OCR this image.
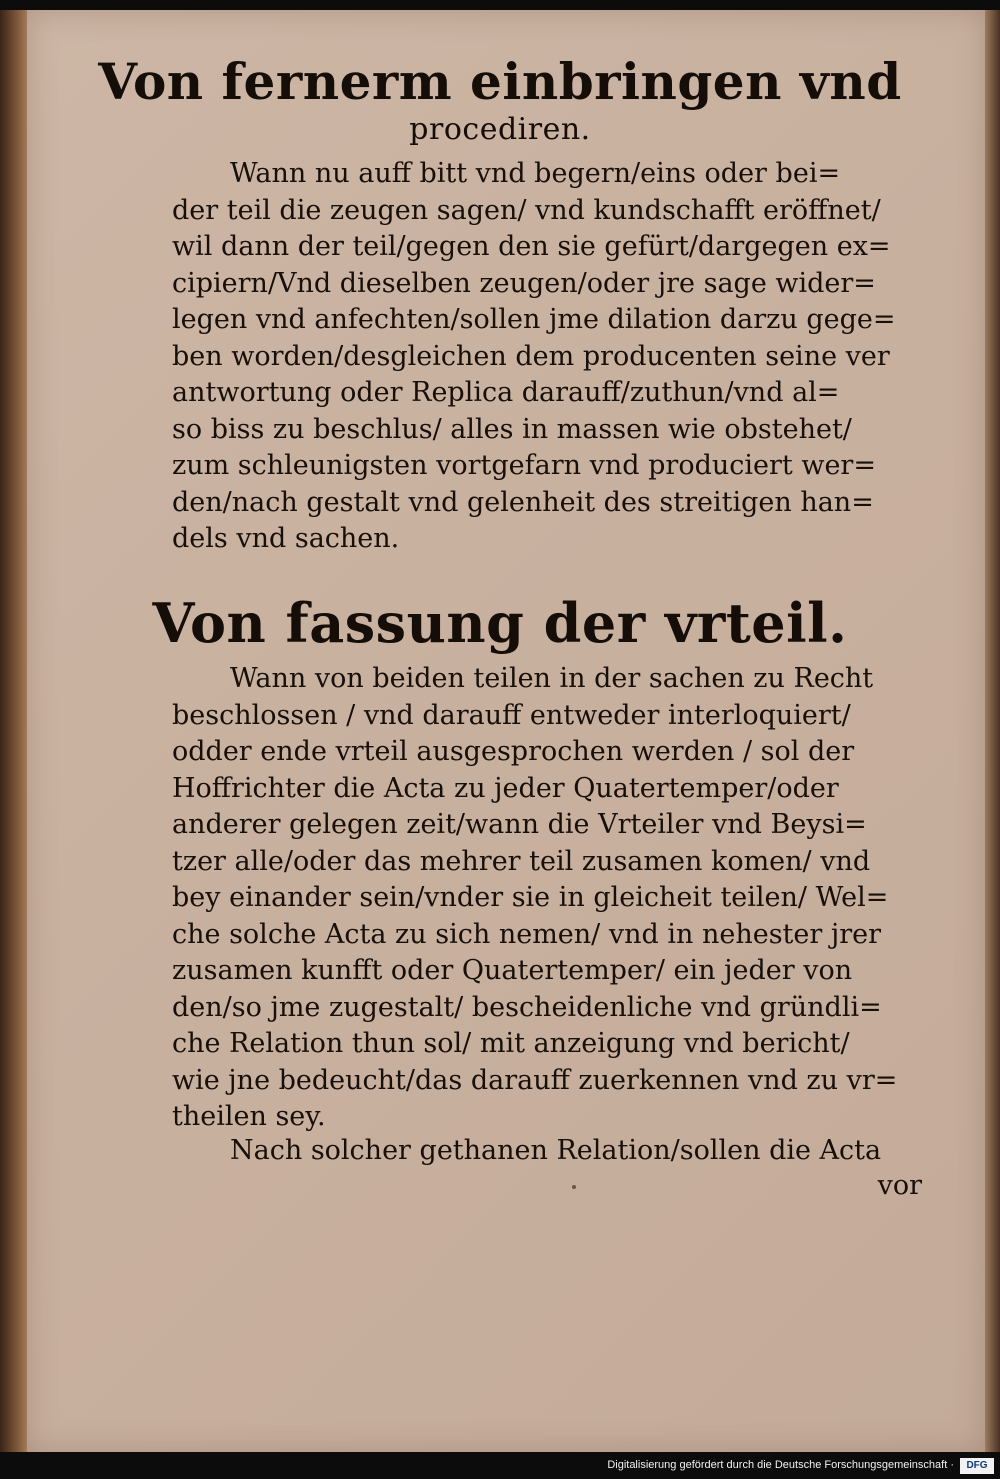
Von fernerm einbringen vnd
procediren.
Wann nu auff bitt vnd begern/eins oder bei=
der teil die zeugen sagen/ vnd kundschafft eröffnet/
wil dann der teil/gegen den sie gefürt/dargegen ex=
cipiern/Vnd dieselben zeugen/oder jre sage wider=
legen vnd anfechten/sollen jme dilation darzu gege=
ben worden/desgleichen dem producenten seine ver
antwortung oder Replica darauff/zuthun/vnd al=
so biss zu beschlus/ alles in massen wie obstehet/
zum schleunigsten vortgefarn vnd produciert wer=
den/nach gestalt vnd gelenheit des streitigen han=
dels vnd sachen.
Von fassung der vrteil.
Wann von beiden teilen in der sachen zu Recht
beschlossen / vnd darauff entweder interloquiert/
odder ende vrteil ausgesprochen werden / sol der
Hoffrichter die Acta zu jeder Quatertemper/oder
anderer gelegen zeit/wann die Vrteiler vnd Beysi=
tzer alle/oder das mehrer teil zusamen komen/ vnd
bey einander sein/vnder sie in gleicheit teilen/ Wel=
che solche Acta zu sich nemen/ vnd in nehester jrer
zusamen kunfft oder Quatertemper/ ein jeder von
den/so jme zugestalt/ bescheidenliche vnd gründli=
che Relation thun sol/ mit anzeigung vnd bericht/
wie jne bedeucht/das darauff zuerkennen vnd zu vr=
theilen sey.
Nach solcher gethanen Relation/sollen die Acta

vor

Digitalisierung gefördert durch die Deutsche Forschungsgemeinschaft ·	DFG
